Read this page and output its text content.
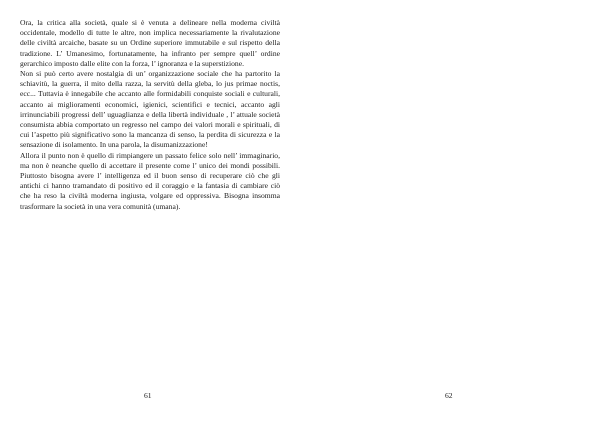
Ora, la critica alla società, quale si è venuta a delineare nella moderna civiltà occidentale, modello di tutte le altre, non implica necessariamente la rivalutazione delle civiltà arcaiche, basate su un Ordine superiore immutabile e sul rispetto della tradizione. L’ Umanesimo, fortunatamente, ha infranto per sempre quell’ ordine gerarchico imposto dalle elite con la forza, l’ ignoranza e la superstizione.

Non si può certo avere nostalgia di un’ organizzazione sociale che ha partorito la schiavitù, la guerra, il mito della razza, la servitù della gleba, lo jus primae noctis, ecc... Tuttavia è innegabile che accanto alle formidabili conquiste sociali e culturali, accanto ai miglioramenti economici, igienici, scientifici e tecnici, accanto agli irrinunciabili progressi dell’ uguaglianza e della libertà individuale , l’ attuale società consumista abbia comportato un regresso nel campo dei valori morali e spirituali, di cui l’aspetto più significativo sono la mancanza di senso, la perdita di sicurezza e la sensazione di isolamento. In una parola, la disumanizzazione!

Allora il punto non è quello di rimpiangere un passato felice solo nell’ immaginario, ma non è neanche quello di accettare il presente come l’ unico dei mondi possibili. Piuttosto bisogna avere l’ intelligenza ed il buon senso di recuperare ciò che gli antichi ci hanno tramandato di positivo ed il coraggio e la fantasia di cambiare ciò che ha reso la civiltà moderna ingiusta, volgare ed oppressiva. Bisogna insomma trasformare la società in una vera comunità (umana).

61	62
